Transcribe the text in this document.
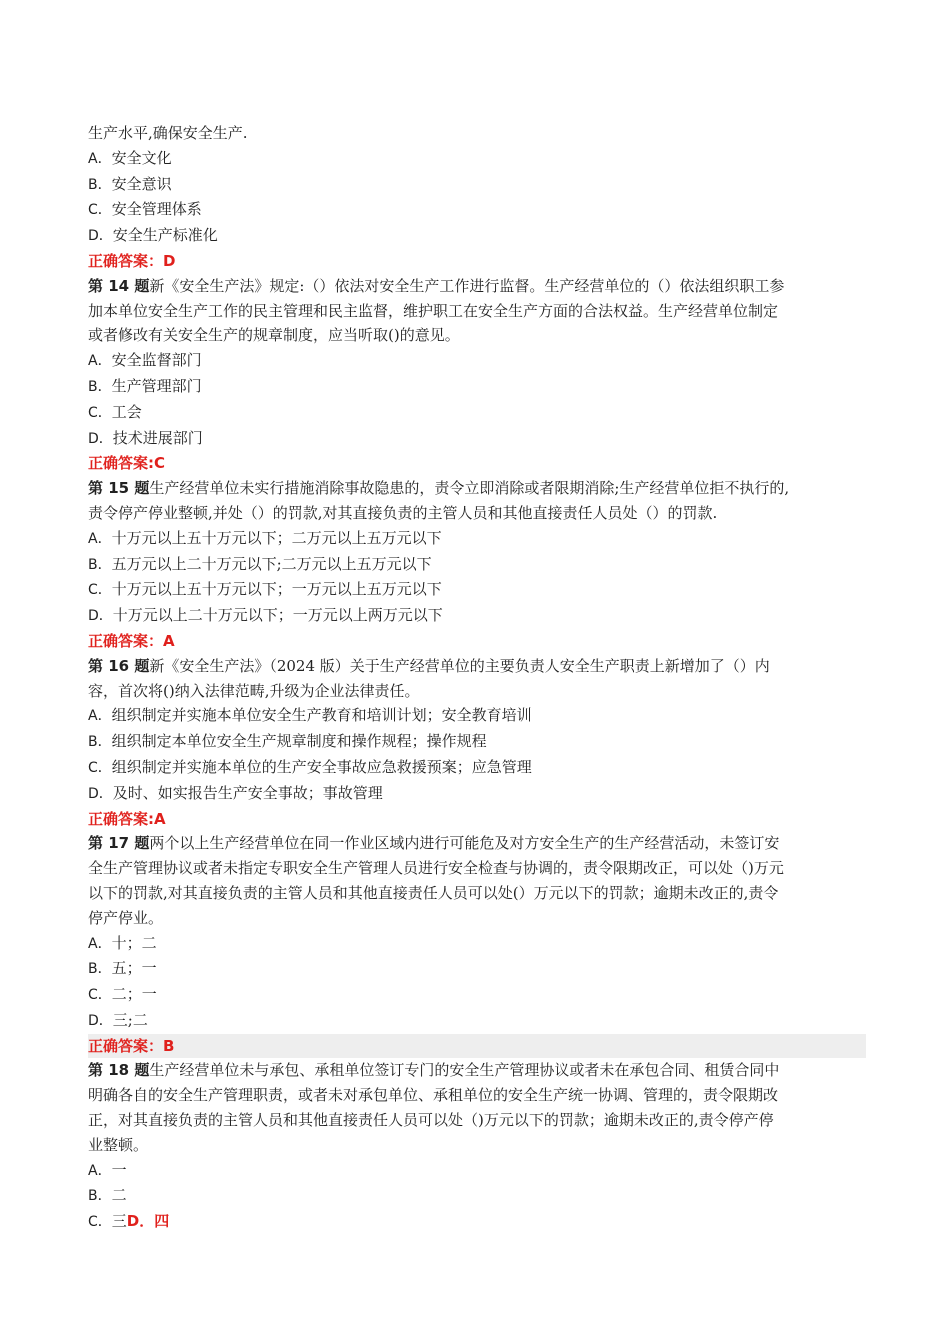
生产水平,确保安全生产.
A．安全文化
B．安全意识
C．安全管理体系
D．安全生产标准化
正确答案：D
第 14 题新《安全生产法》规定:（）依法对安全生产工作进行监督。生产经营单位的（）依法组织职工参
加本单位安全生产工作的民主管理和民主监督，维护职工在安全生产方面的合法权益。生产经营单位制定
或者修改有关安全生产的规章制度，应当听取()的意见。
A．安全监督部门
B．生产管理部门
C．工会
D．技术进展部门
正确答案:C
第 15 题生产经营单位未实行措施消除事故隐患的，责令立即消除或者限期消除;生产经营单位拒不执行的,
责令停产停业整顿,并处（）的罚款,对其直接负责的主管人员和其他直接责任人员处（）的罚款.
A．十万元以上五十万元以下；二万元以上五万元以下
B．五万元以上二十万元以下;二万元以上五万元以下
C．十万元以上五十万元以下；一万元以上五万元以下
D．十万元以上二十万元以下；一万元以上两万元以下
正确答案：A
第 16 题新《安全生产法》（2024 版）关于生产经营单位的主要负责人安全生产职责上新增加了（）内
容，首次将()纳入法律范畴,升级为企业法律责任。
A．组织制定并实施本单位安全生产教育和培训计划；安全教育培训
B．组织制定本单位安全生产规章制度和操作规程；操作规程
C．组织制定并实施本单位的生产安全事故应急救援预案；应急管理
D．及时、如实报告生产安全事故；事故管理
正确答案:A
第 17 题两个以上生产经营单位在同一作业区域内进行可能危及对方安全生产的生产经营活动，未签订安
全生产管理协议或者未指定专职安全生产管理人员进行安全检查与协调的，责令限期改正，可以处（)万元
以下的罚款,对其直接负责的主管人员和其他直接责任人员可以处(）万元以下的罚款；逾期未改正的,责令
停产停业。
A．十；二
B．五；一
C．二；一
D．三;二
正确答案：B
第 18 题生产经营单位未与承包、承租单位签订专门的安全生产管理协议或者未在承包合同、租赁合同中
明确各自的安全生产管理职责，或者未对承包单位、承租单位的安全生产统一协调、管理的，责令限期改
正，对其直接负责的主管人员和其他直接责任人员可以处（)万元以下的罚款；逾期未改正的,责令停产停
业整顿。
A．一
B．二
C．三D．四
